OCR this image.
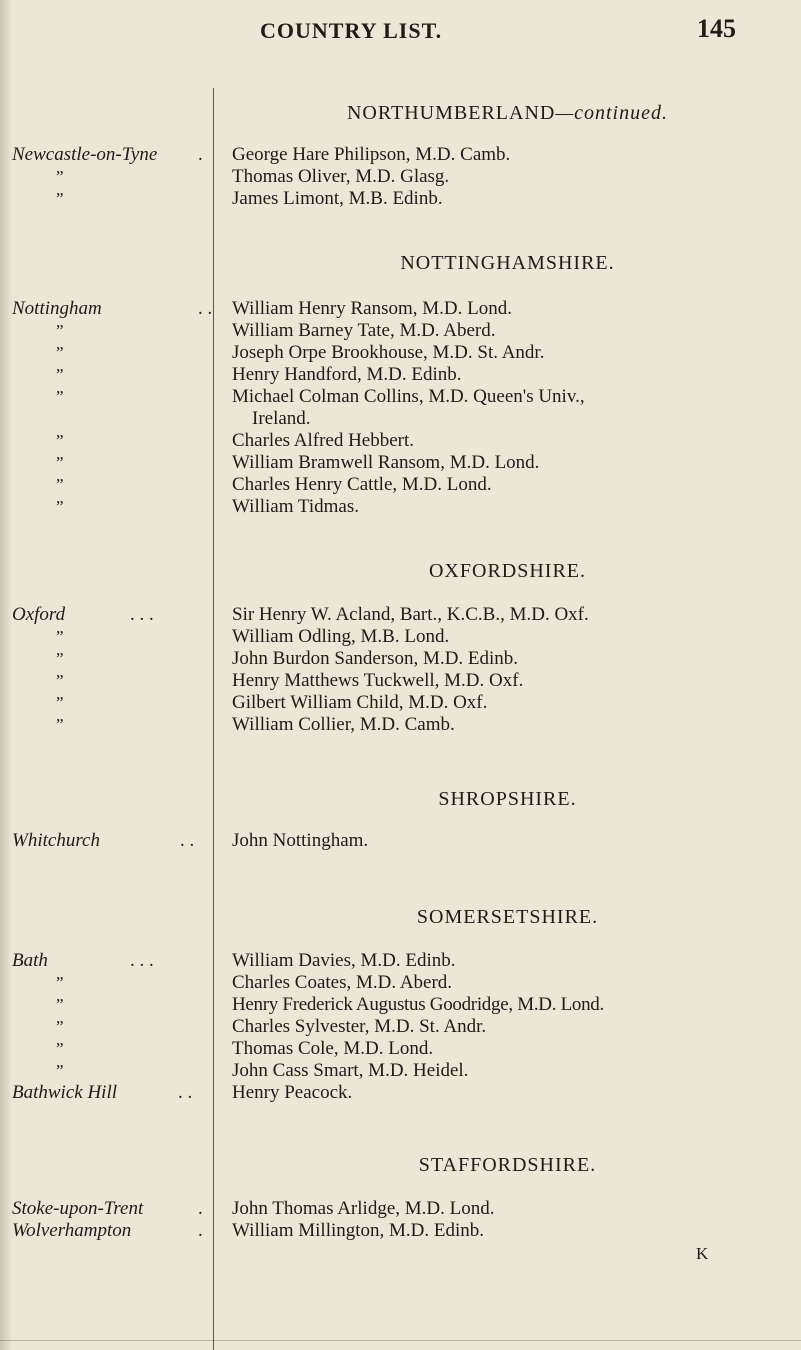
COUNTRY LIST.	145
NORTHUMBERLAND—continued.
Newcastle-on-Tyne . George Hare Philipson, M.D. Camb.
”	Thomas Oliver, M.D. Glasg.
”	James Limont, M.B. Edinb.
NOTTINGHAMSHIRE.
Nottingham	. . William Henry Ransom, M.D. Lond.
”	William Barney Tate, M.D. Aberd.
”	Joseph Orpe Brookhouse, M.D. St. Andr.
”	Henry Handford, M.D. Edinb.
”	Michael Colman Collins, M.D. Queen's Univ.,
Ireland.
”	Charles Alfred Hebbert.
”	William Bramwell Ransom, M.D. Lond.
”	Charles Henry Cattle, M.D. Lond.
”	William Tidmas.
OXFORDSHIRE.
Oxford	. . .	Sir Henry W. Acland, Bart., K.C.B., M.D. Oxf.
”	William Odling, M.B. Lond.
”	John Burdon Sanderson, M.D. Edinb.
”	Henry Matthews Tuckwell, M.D. Oxf.
”	Gilbert William Child, M.D. Oxf.
”	William Collier, M.D. Camb.
SHROPSHIRE.
Whitchurch	. . John Nottingham.
SOMERSETSHIRE.
Bath	. . .	William Davies, M.D. Edinb.
”	Charles Coates, M.D. Aberd.
”	Henry Frederick Augustus Goodridge, M.D. Lond.
”	Charles Sylvester, M.D. St. Andr.
”	Thomas Cole, M.D. Lond.
”	John Cass Smart, M.D. Heidel.
Bathwick Hill	. . Henry Peacock.
STAFFORDSHIRE.
Stoke-upon-Trent	. John Thomas Arlidge, M.D. Lond.
Wolverhampton	. William Millington, M.D. Edinb.
K
